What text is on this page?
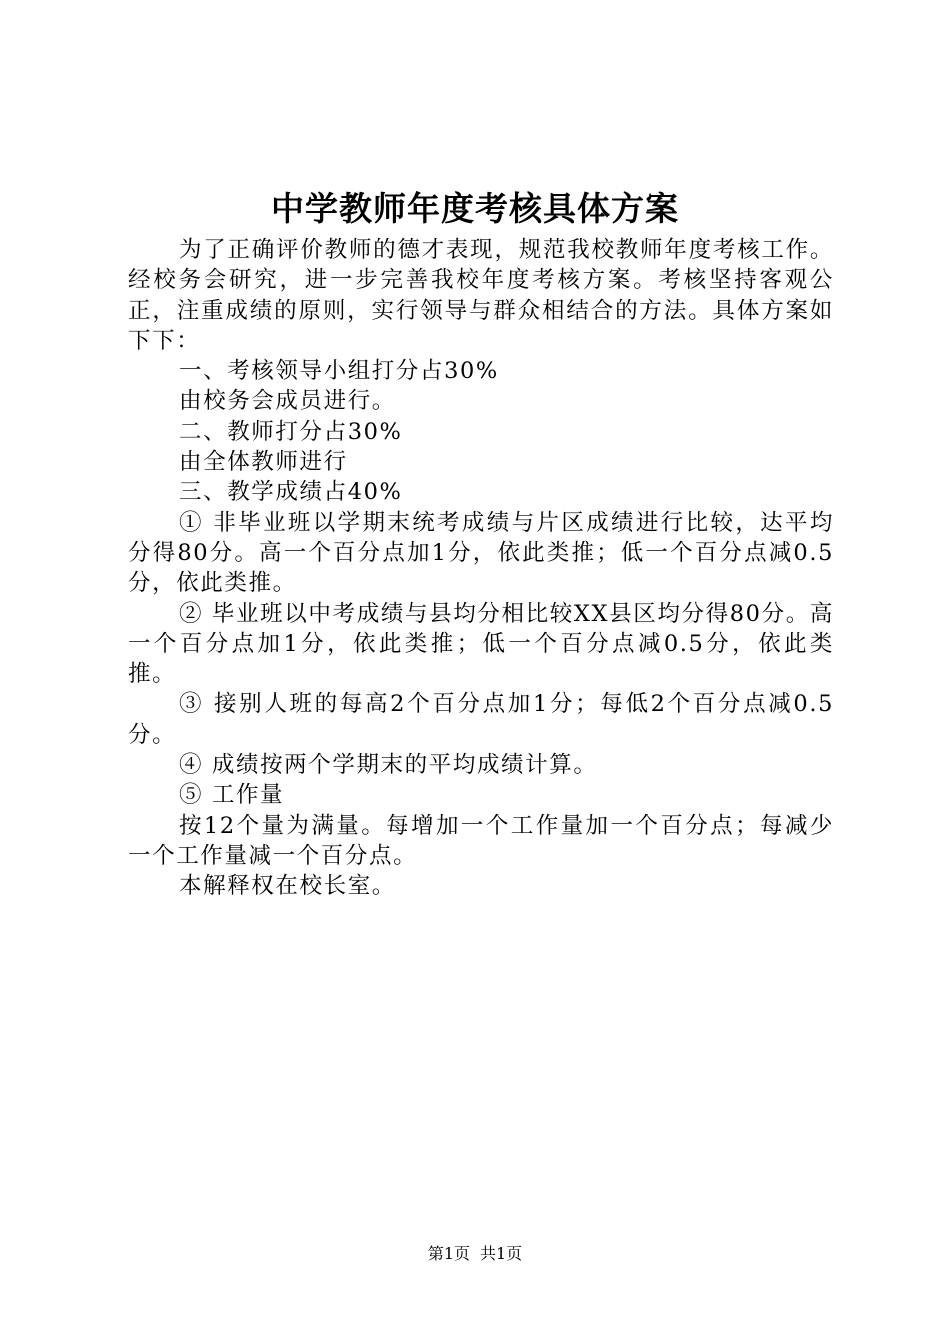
中学教师年度考核具体方案

为了正确评价教师的德才表现，规范我校教师年度考核工作。经校务会研究，进一步完善我校年度考核方案。考核坚持客观公正，注重成绩的原则，实行领导与群众相结合的方法。具体方案如下下：

一、考核领导小组打分占30%

由校务会成员进行。

二、教师打分占30%

由全体教师进行

三、教学成绩占40%

① 非毕业班以学期末统考成绩与片区成绩进行比较，达平均分得80分。高一个百分点加1分，依此类推；低一个百分点减0.5分，依此类推。

② 毕业班以中考成绩与县均分相比较XX县区均分得80分。高一个百分点加1分，依此类推；低一个百分点减0.5分，依此类推。

③ 接别人班的每高2个百分点加1分；每低2个百分点减0.5分。

④ 成绩按两个学期末的平均成绩计算。

⑤ 工作量

按12个量为满量。每增加一个工作量加一个百分点；每减少一个工作量减一个百分点。

本解释权在校长室。

第1页 共1页
